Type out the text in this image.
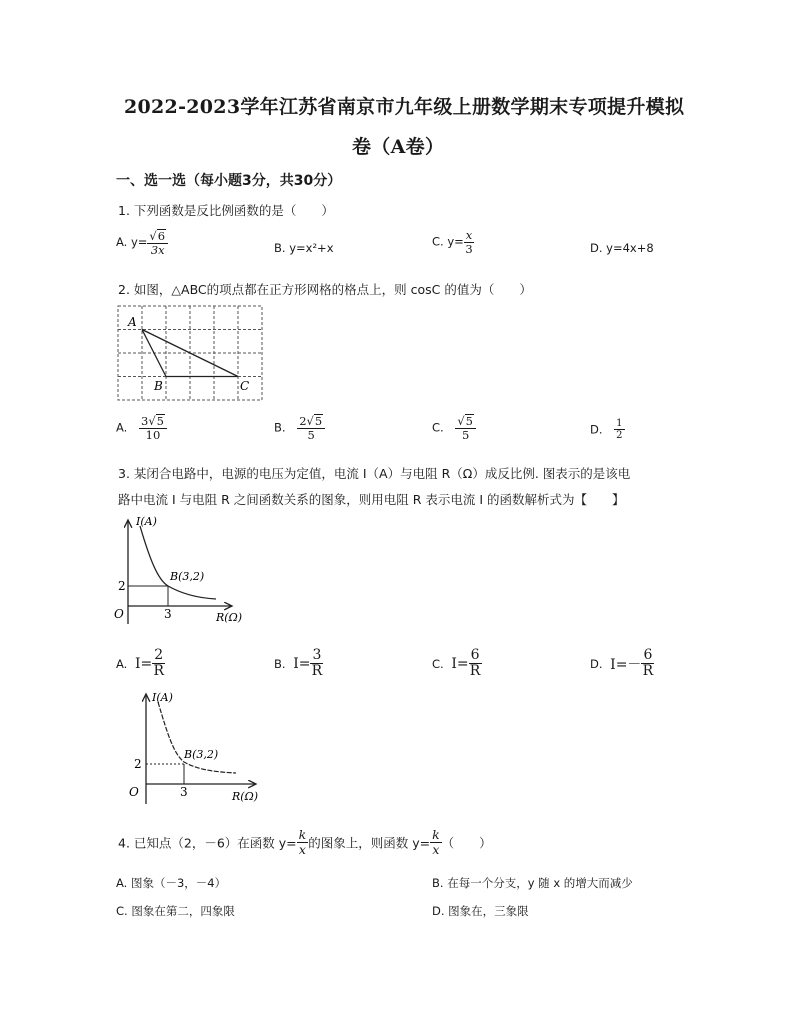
2022-2023学年江苏省南京市九年级上册数学期末专项提升模拟
卷（A卷）
一、选一选（每小题3分，共30分）
1. 下列函数是反比例函数的是（　　）
A. $y= \frac{√6}{3x}$	B. y=x²+x	C. $y= \frac{x}{3}$	D. y=4x+8
2. 如图，△ABC的项点都在正方形网格的格点上，则 cosC 的值为（　　）
A
B	C
A. $\frac{3√5}{10}$	B. $\frac{2√5}{5}$	C. $\frac{√5}{5}$	D. $\frac{1}{2}$
3. 某闭合电路中，电源的电压为定值，电流 I（A）与电阻 R（Ω）成反比例. 图表示的是该电
路中电流 I 与电阻 R 之间函数关系的图象，则用电阻 R 表示电流 I 的函数解析式为【　　】
I(A)
R(Ω)
O
2
3
B(3,2)
A. $I= \frac{2}{R}$	B. $I= \frac{3}{R}$	C. $I= \frac{6}{R}$	D. $I=- \frac{6}{R}$
I(A)
R(Ω)
O
2
3
B(3,2)
4. 已知点（2，－6）在函数 $y= \frac{k}{x}$ 的图象上，则函数 $y= \frac{k}{x}$ （　　）
A. 图象（－3，－4）	B. 在每一个分支，y 随 x 的增大而减少
C. 图象在第二，四象限	D. 图象在，三象限
